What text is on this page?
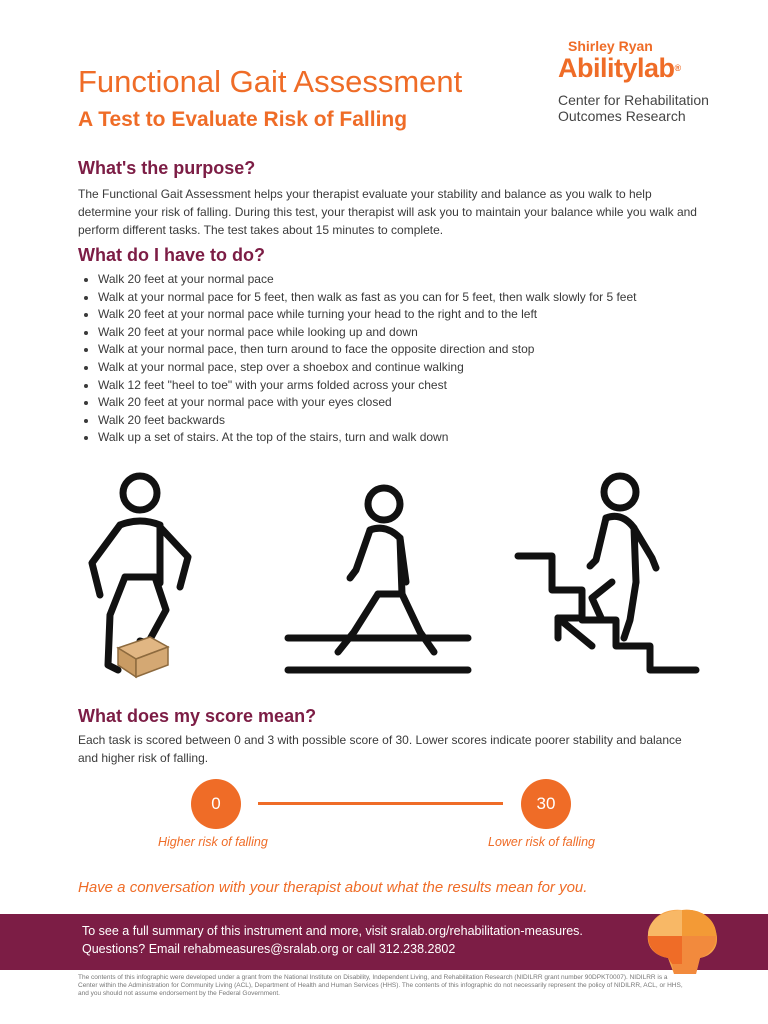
Functional Gait Assessment
A Test to Evaluate Risk of Falling
Shirley Ryan
Abilitylab®
Center for Rehabilitation
Outcomes Research
What's the purpose?

The Functional Gait Assessment helps your therapist evaluate your stability and balance as you walk to help determine your risk of falling. During this test, your therapist will ask you to maintain your balance while you walk and perform different tasks. The test takes about 15 minutes to complete.

What do I have to do?
• Walk 20 feet at your normal pace
• Walk at your normal pace for 5 feet, then walk as fast as you can for 5 feet, then walk slowly for 5 feet
• Walk 20 feet at your normal pace while turning your head to the right and to the left
• Walk 20 feet at your normal pace while looking up and down
• Walk at your normal pace, then turn around to face the opposite direction and stop
• Walk at your normal pace, step over a shoebox and continue walking
• Walk 12 feet "heel to toe" with your arms folded across your chest
• Walk 20 feet at your normal pace with your eyes closed
• Walk 20 feet backwards
• Walk up a set of stairs. At the top of the stairs, turn and walk down
What does my score mean?

Each task is scored between 0 and 3 with possible score of 30. Lower scores indicate poorer stability and balance and higher risk of falling.

0	30
Higher risk of falling	Lower risk of falling
Have a conversation with your therapist about what the results mean for you.
To see a full summary of this instrument and more, visit sralab.org/rehabilitation-measures.
Questions? Email rehabmeasures@sralab.org or call 312.238.2802
The contents of this infographic were developed under a grant from the National Institute on Disability, Independent Living, and Rehabilitation Research (NIDILRR grant number 90DPKT0007). NIDILRR is a Center within the Administration for Community Living (ACL), Department of Health and Human Services (HHS). The contents of this infographic do not necessarily represent the policy of NIDILRR, ACL, or HHS, and you should not assume endorsement by the Federal Government.
